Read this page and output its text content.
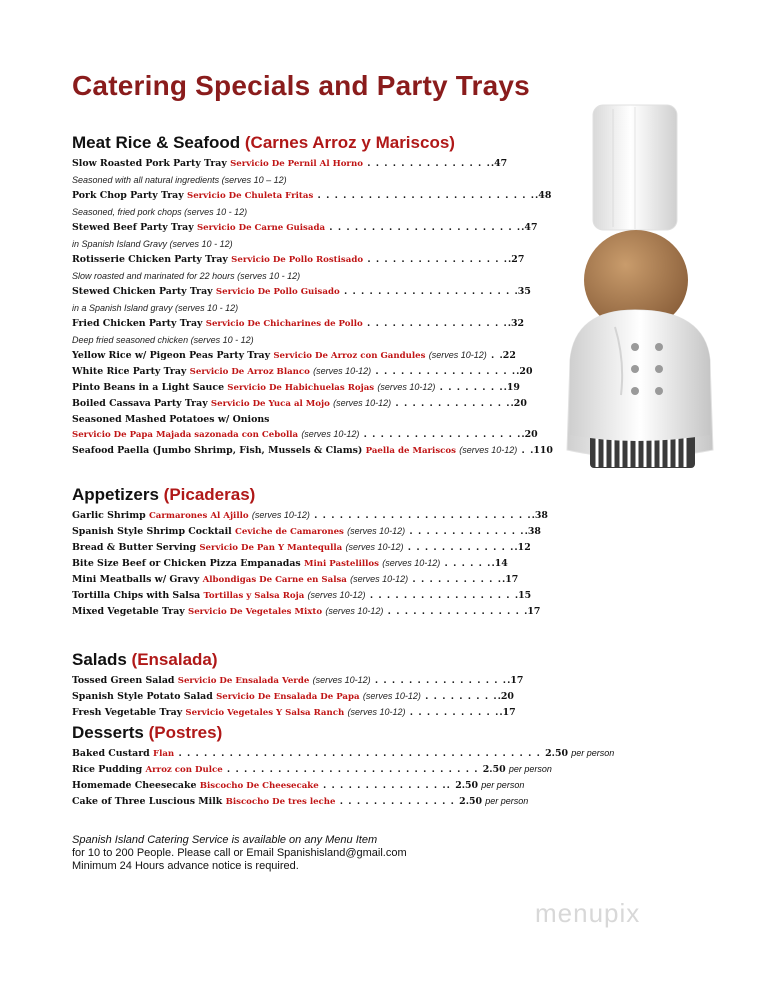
Catering Specials and Party Trays
Meat Rice & Seafood (Carnes Arroz y Mariscos)
Slow Roasted Pork Party Tray Servicio De Pernil Al Horno . . . . . . . . . . . . . . ..47
Seasoned with all natural ingredients (serves 10 – 12)
Pork Chop Party Tray Servicio De Chuleta Fritas . . . . . . . . . . . . . . . . . . . . . . . . . ..48
Seasoned, fried pork chops (serves 10 - 12)
Stewed Beef Party Tray Servicio De Carne Guisada . . . . . . . . . . . . . . . . . . . . . . ..47
in Spanish Island Gravy (serves 10 - 12)
Rotisserie Chicken Party Tray Servicio De Pollo Rostisado . . . . . . . . . . . . . . . . ..27
Slow roasted and marinated for 22 hours (serves 10 - 12)
Stewed Chicken Party Tray Servicio De Pollo Guisado . . . . . . . . . . . . . . . . . . . . .35
in a Spanish Island gravy (serves 10 - 12)
Fried Chicken Party Tray Servicio De Chicharines de Pollo . . . . . . . . . . . . . . . . ..32
Deep fried seasoned chicken (serves 10 - 12)
Yellow Rice w/ Pigeon Peas Party Tray Servicio De Arroz con Gandules (serves 10-12) . .22
White Rice Party Tray Servicio De Arroz Blanco (serves 10-12) . . . . . . . . . . . . . . . . ..20
Pinto Beans in a Light Sauce Servicio De Habichuelas Rojas (serves 10-12) . . . . . . . ..19
Boiled Cassava Party Tray Servicio De Yuca al Mojo (serves 10-12) . . . . . . . . . . . . . ..20
Seasoned Mashed Potatoes w/ Onions
Servicio De Papa Majada sazonada con Cebolla (serves 10-12) . . . . . . . . . . . . . . . . . . ..20
Seafood Paella (Jumbo Shrimp, Fish, Mussels & Clams) Paella de Mariscos (serves 10-12) . .110
Appetizers (Picaderas)
Garlic Shrimp Carmarones Al Ajillo (serves 10-12) . . . . . . . . . . . . . . . . . . . . . . . . . ..38
Spanish Style Shrimp Cocktail Ceviche de Camarones (serves 10-12) . . . . . . . . . . . . . ..38
Bread & Butter Serving Servicio De Pan Y Mantequlla (serves 10-12) . . . . . . . . . . . . ..12
Bite Size Beef or Chicken Pizza Empanadas Mini Pastelillos (serves 10-12) . . . . . ..14
Mini Meatballs w/ Gravy Albondigas De Carne en Salsa (serves 10-12) . . . . . . . . . . ..17
Tortilla Chips with Salsa Tortillas y Salsa Roja (serves 10-12) . . . . . . . . . . . . . . . . . .15
Mixed Vegetable Tray Servicio De Vegetales Mixto (serves 10-12) . . . . . . . . . . . . . . . . .17
Salads (Ensalada)
Tossed Green Salad Servicio De Ensalada Verde (serves 10-12) . . . . . . . . . . . . . . . ..17
Spanish Style Potato Salad Servicio De Ensalada De Papa (serves 10-12) . . . . . . . . ..20
Fresh Vegetable Tray Servicio Vegetales Y Salsa Ranch (serves 10-12) . . . . . . . . . . ..17
Desserts (Postres)
Baked Custard Flan . . . . . . . . . . . . . . . . . . . . . . . . . . . . . . . . . . . . . . . . . . . 2.50 per person
Rice Pudding Arroz con Dulce . . . . . . . . . . . . . . . . . . . . . . . . . . . . . . 2.50 per person
Homemade Cheesecake Biscocho De Cheesecake . . . . . . . . . . . . . . .. 2.50 per person
Cake of Three Luscious Milk Biscocho De tres leche . . . . . . . . . . . . . . 2.50 per person
Spanish Island Catering Service is available on any Menu Item
for 10 to 200 People. Please call or Email Spanishisland@gmail.com
Minimum 24 Hours advance notice is required.
menupix
